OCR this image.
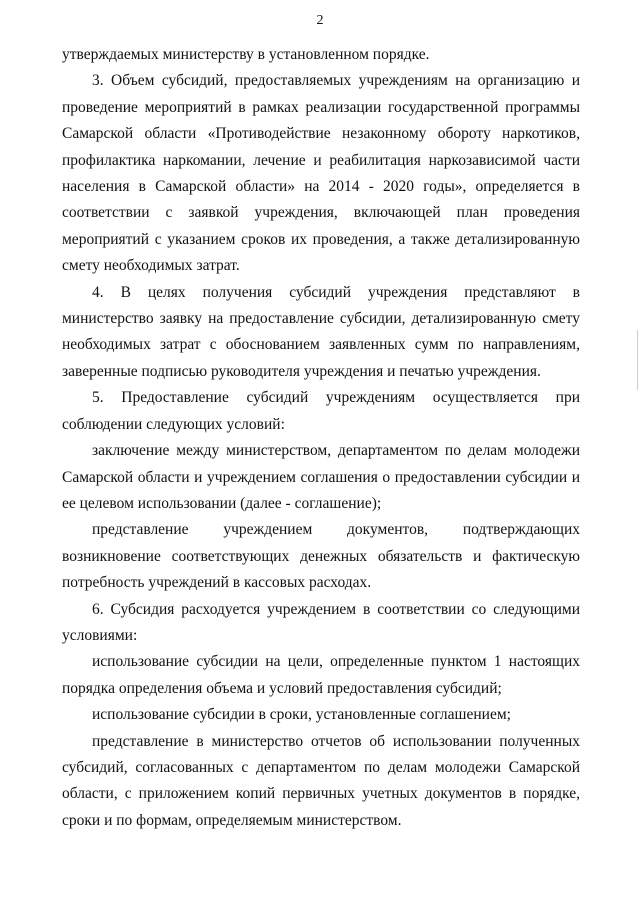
2

утверждаемых министерству в установленном порядке.

3. Объем субсидий, предоставляемых учреждениям на организацию и проведение мероприятий в рамках реализации государственной программы Самарской области «Противодействие незаконному обороту наркотиков, профилактика наркомании, лечение и реабилитация наркозависимой части населения в Самарской области» на 2014 - 2020 годы», определяется в соответствии с заявкой учреждения, включающей план проведения мероприятий с указанием сроков их проведения, а также детализированную смету необходимых затрат.

4. В целях получения субсидий учреждения представляют в министерство заявку на предоставление субсидии, детализированную смету необходимых затрат с обоснованием заявленных сумм по направлениям, заверенные подписью руководителя учреждения и печатью учреждения.

5. Предоставление субсидий учреждениям осуществляется при соблюдении следующих условий:

заключение между министерством, департаментом по делам молодежи Самарской области и учреждением соглашения о предоставлении субсидии и ее целевом использовании (далее - соглашение);

представление учреждением документов, подтверждающих возникновение соответствующих денежных обязательств и фактическую потребность учреждений в кассовых расходах.

6. Субсидия расходуется учреждением в соответствии со следующими условиями:

использование субсидии на цели, определенные пунктом 1 настоящих порядка определения объема и условий предоставления субсидий;

использование субсидии в сроки, установленные соглашением;

представление в министерство отчетов об использовании полученных субсидий, согласованных с департаментом по делам молодежи Самарской области, с приложением копий первичных учетных документов в порядке, сроки и по формам, определяемым министерством.
